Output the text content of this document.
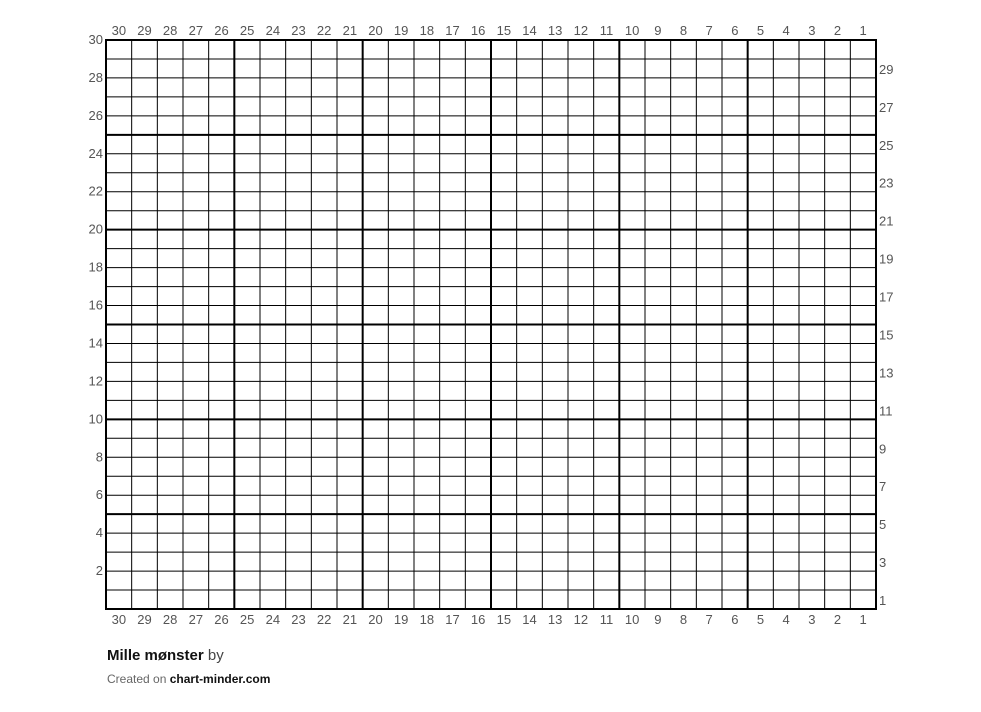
30
30
29
29
28
28
27
27
26
26
25
25
24
24
23
23
22
22
21
21
20
20
19
19
18
18
17
17
16
16
15
15
14
14
13
13
12
12
11
11
10
10
9
9
8
8
7
7
6
6
5
5
4
4
3
3
2
2
1
1
1
2
3
4
5
6
7
8
9
10
11
12
13
14
15
16
17
18
19
20
21
22
23
24
25
26
27
28
29
30
Mille mønster by
Created on chart-minder.com
